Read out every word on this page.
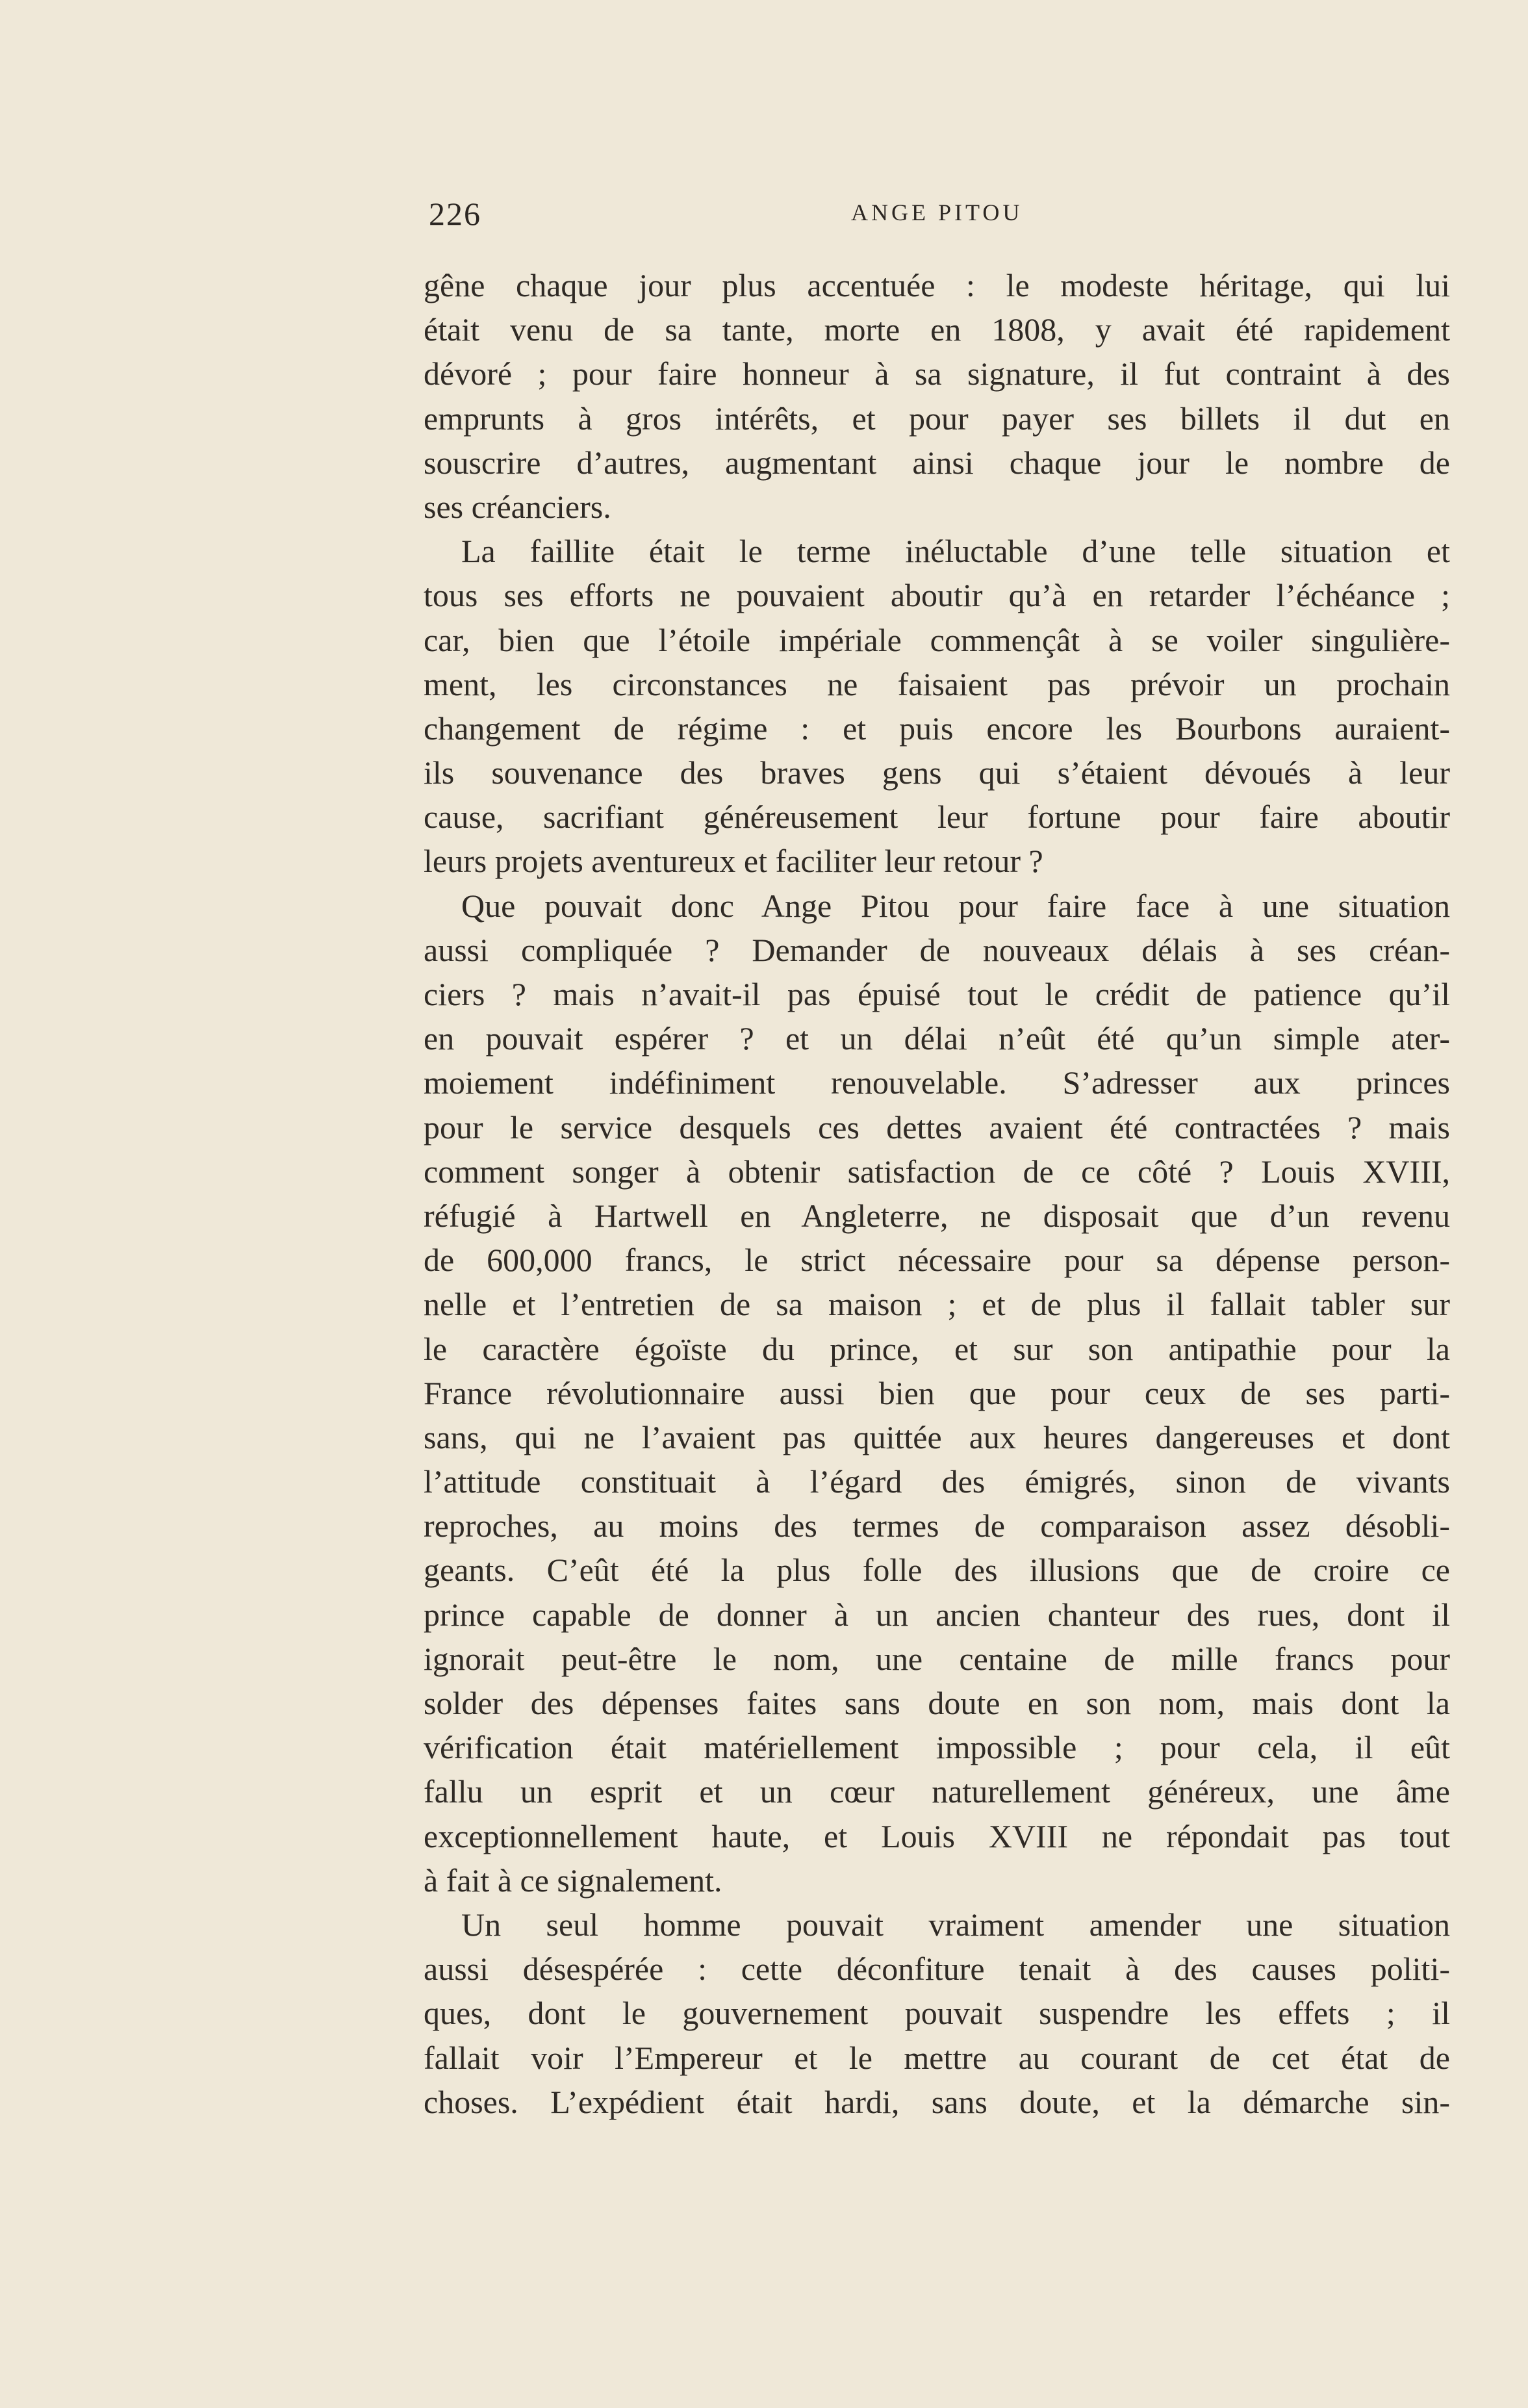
226	ANGE PITOU
gêne chaque jour plus accentuée : le modeste héritage, qui lui
était venu de sa tante, morte en 1808, y avait été rapidement
dévoré ; pour faire honneur à sa signature, il fut contraint à des
emprunts à gros intérêts, et pour payer ses billets il dut en
souscrire d’autres, augmentant ainsi chaque jour le nombre de
ses créanciers.
La faillite était le terme inéluctable d’une telle situation et
tous ses efforts ne pouvaient aboutir qu’à en retarder l’échéance ;
car, bien que l’étoile impériale commençât à se voiler singulière-
ment, les circonstances ne faisaient pas prévoir un prochain
changement de régime : et puis encore les Bourbons auraient-
ils souvenance des braves gens qui s’étaient dévoués à leur
cause, sacrifiant généreusement leur fortune pour faire aboutir
leurs projets aventureux et faciliter leur retour ?
Que pouvait donc Ange Pitou pour faire face à une situation
aussi compliquée ? Demander de nouveaux délais à ses créan-
ciers ? mais n’avait-il pas épuisé tout le crédit de patience qu’il
en pouvait espérer ? et un délai n’eût été qu’un simple ater-
moiement indéfiniment renouvelable. S’adresser aux princes
pour le service desquels ces dettes avaient été contractées ? mais
comment songer à obtenir satisfaction de ce côté ? Louis XVIII,
réfugié à Hartwell en Angleterre, ne disposait que d’un revenu
de 600,000 francs, le strict nécessaire pour sa dépense person-
nelle et l’entretien de sa maison ; et de plus il fallait tabler sur
le caractère égoïste du prince, et sur son antipathie pour la
France révolutionnaire aussi bien que pour ceux de ses parti-
sans, qui ne l’avaient pas quittée aux heures dangereuses et dont
l’attitude constituait à l’égard des émigrés, sinon de vivants
reproches, au moins des termes de comparaison assez désobli-
geants. C’eût été la plus folle des illusions que de croire ce
prince capable de donner à un ancien chanteur des rues, dont il
ignorait peut-être le nom, une centaine de mille francs pour
solder des dépenses faites sans doute en son nom, mais dont la
vérification était matériellement impossible ; pour cela, il eût
fallu un esprit et un cœur naturellement généreux, une âme
exceptionnellement haute, et Louis XVIII ne répondait pas tout
à fait à ce signalement.
Un seul homme pouvait vraiment amender une situation
aussi désespérée : cette déconfiture tenait à des causes politi-
ques, dont le gouvernement pouvait suspendre les effets ; il
fallait voir l’Empereur et le mettre au courant de cet état de
choses. L’expédient était hardi, sans doute, et la démarche sin-
